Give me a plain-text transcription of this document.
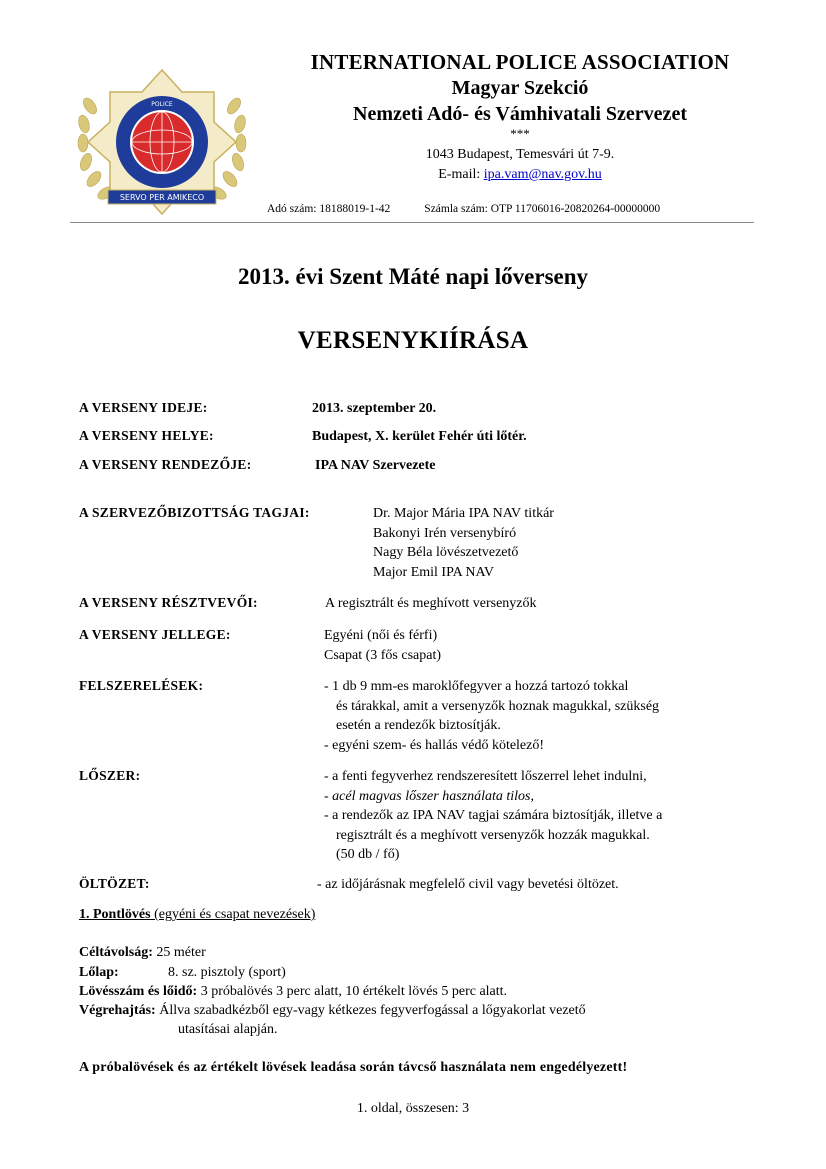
POLICE
SERVO PER AMIKECO
INTERNATIONAL POLICE ASSOCIATION
Magyar Szekció
Nemzeti Adó- és Vámhivatali Szervezet
***
1043 Budapest, Temesvári út 7-9.
E-mail: ipa.vam@nav.gov.hu
Adó szám: 18188019-1-42	Számla szám: OTP 11706016-20820264-00000000
2013. évi Szent Máté napi lőverseny
VERSENYKIÍRÁSA
A VERSENY IDEJE:	2013. szeptember 20.
A VERSENY HELYE:	Budapest, X. kerület Fehér úti lőtér.
A VERSENY RENDEZŐJE:	IPA NAV Szervezete
A SZERVEZŐBIZOTTSÁG TAGJAI:	Dr. Major Mária IPA NAV titkár
Bakonyi Irén versenybíró
Nagy Béla lövészetvezető
Major Emil IPA NAV
A VERSENY RÉSZTVEVŐI:	A regisztrált és meghívott versenyzők
A VERSENY JELLEGE:	Egyéni (női és férfi)
Csapat (3 fős csapat)
FELSZERELÉSEK:	- 1 db 9 mm-es maroklőfegyver a hozzá tartozó tokkal
és tárakkal, amit a versenyzők hoznak magukkal, szükség
esetén a rendezők biztosítják.
- egyéni szem- és hallás védő kötelező!
LŐSZER:	- a fenti fegyverhez rendszeresített lőszerrel lehet indulni,
- acél magvas lőszer használata tilos,
- a rendezők az IPA NAV tagjai számára biztosítják, illetve a
regisztrált és a meghívott versenyzők hozzák magukkal.
(50 db / fő)
ÖLTÖZET:	- az időjárásnak megfelelő civil vagy bevetési öltözet.
1. Pontlövés (egyéni és csapat nevezések)
Céltávolság: 25 méter
Lőlap:	8. sz. pisztoly (sport)
Lövésszám és lőidő: 3 próbalövés 3 perc alatt, 10 értékelt lövés 5 perc alatt.
Végrehajtás: Állva szabadkézből egy-vagy kétkezes fegyverfogással a lőgyakorlat vezető
utasításai alapján.
A próbalövések és az értékelt lövések leadása során távcső használata nem engedélyezett!
1. oldal, összesen: 3
